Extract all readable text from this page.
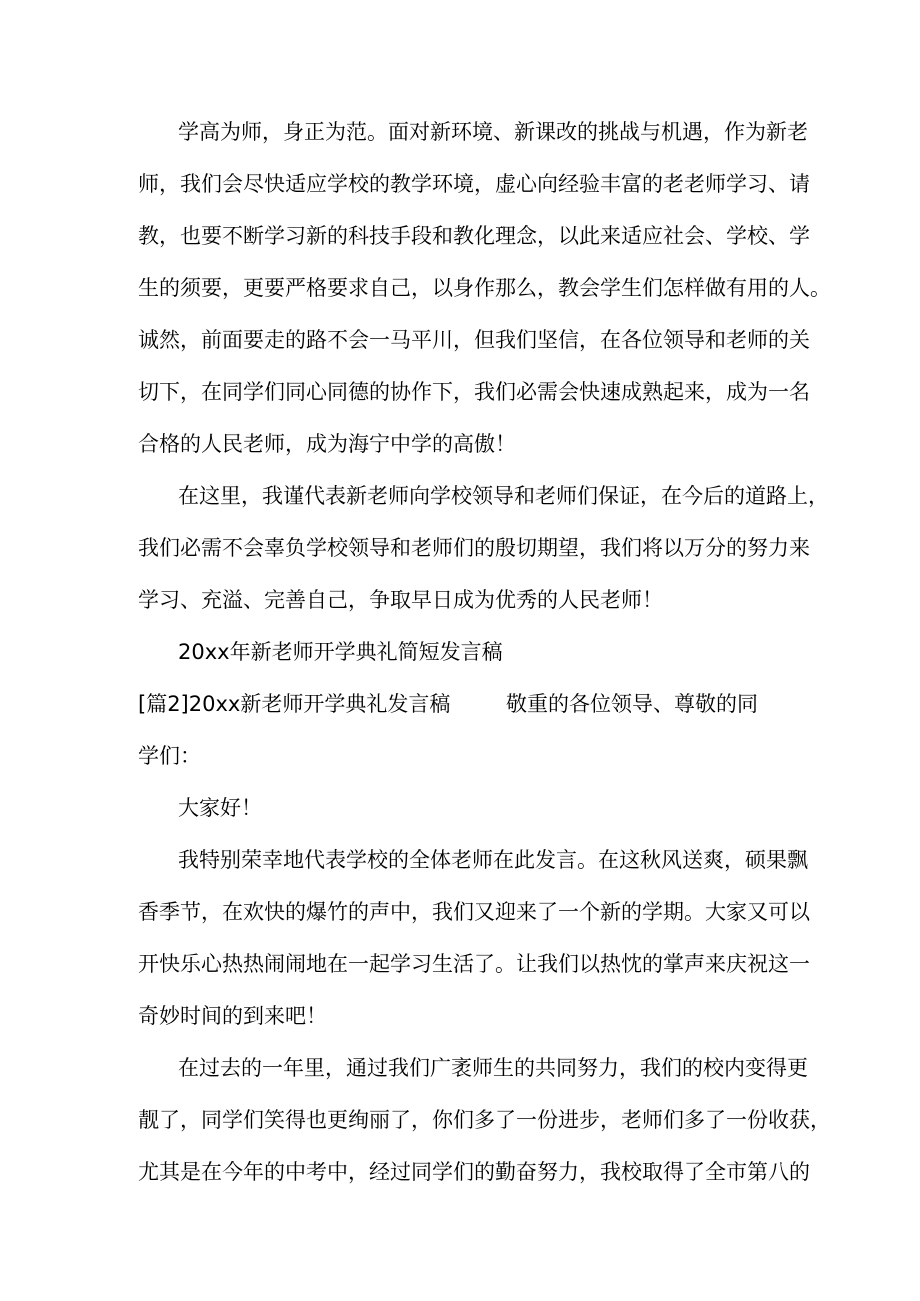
学高为师，身正为范。面对新环境、新课改的挑战与机遇，作为新老
师，我们会尽快适应学校的教学环境，虚心向经验丰富的老老师学习、请
教，也要不断学习新的科技手段和教化理念，以此来适应社会、学校、学
生的须要，更要严格要求自己，以身作那么，教会学生们怎样做有用的人。
诚然，前面要走的路不会一马平川，但我们坚信，在各位领导和老师的关
切下，在同学们同心同德的协作下，我们必需会快速成熟起来，成为一名
合格的人民老师，成为海宁中学的高傲！
在这里，我谨代表新老师向学校领导和老师们保证，在今后的道路上，
我们必需不会辜负学校领导和老师们的殷切期望，我们将以万分的努力来
学习、充溢、完善自己，争取早日成为优秀的人民老师！
20xx年新老师开学典礼简短发言稿
[篇2]20xx新老师开学典礼发言稿	敬重的各位领导、尊敬的同
学们：
大家好！
我特别荣幸地代表学校的全体老师在此发言。在这秋风送爽，硕果飘
香季节，在欢快的爆竹的声中，我们又迎来了一个新的学期。大家又可以
开快乐心热热闹闹地在一起学习生活了。让我们以热忱的掌声来庆祝这一
奇妙时间的到来吧！
在过去的一年里，通过我们广袤师生的共同努力，我们的校内变得更
靓了，同学们笑得也更绚丽了，你们多了一份进步，老师们多了一份收获，
尤其是在今年的中考中，经过同学们的勤奋努力，我校取得了全市第八的
